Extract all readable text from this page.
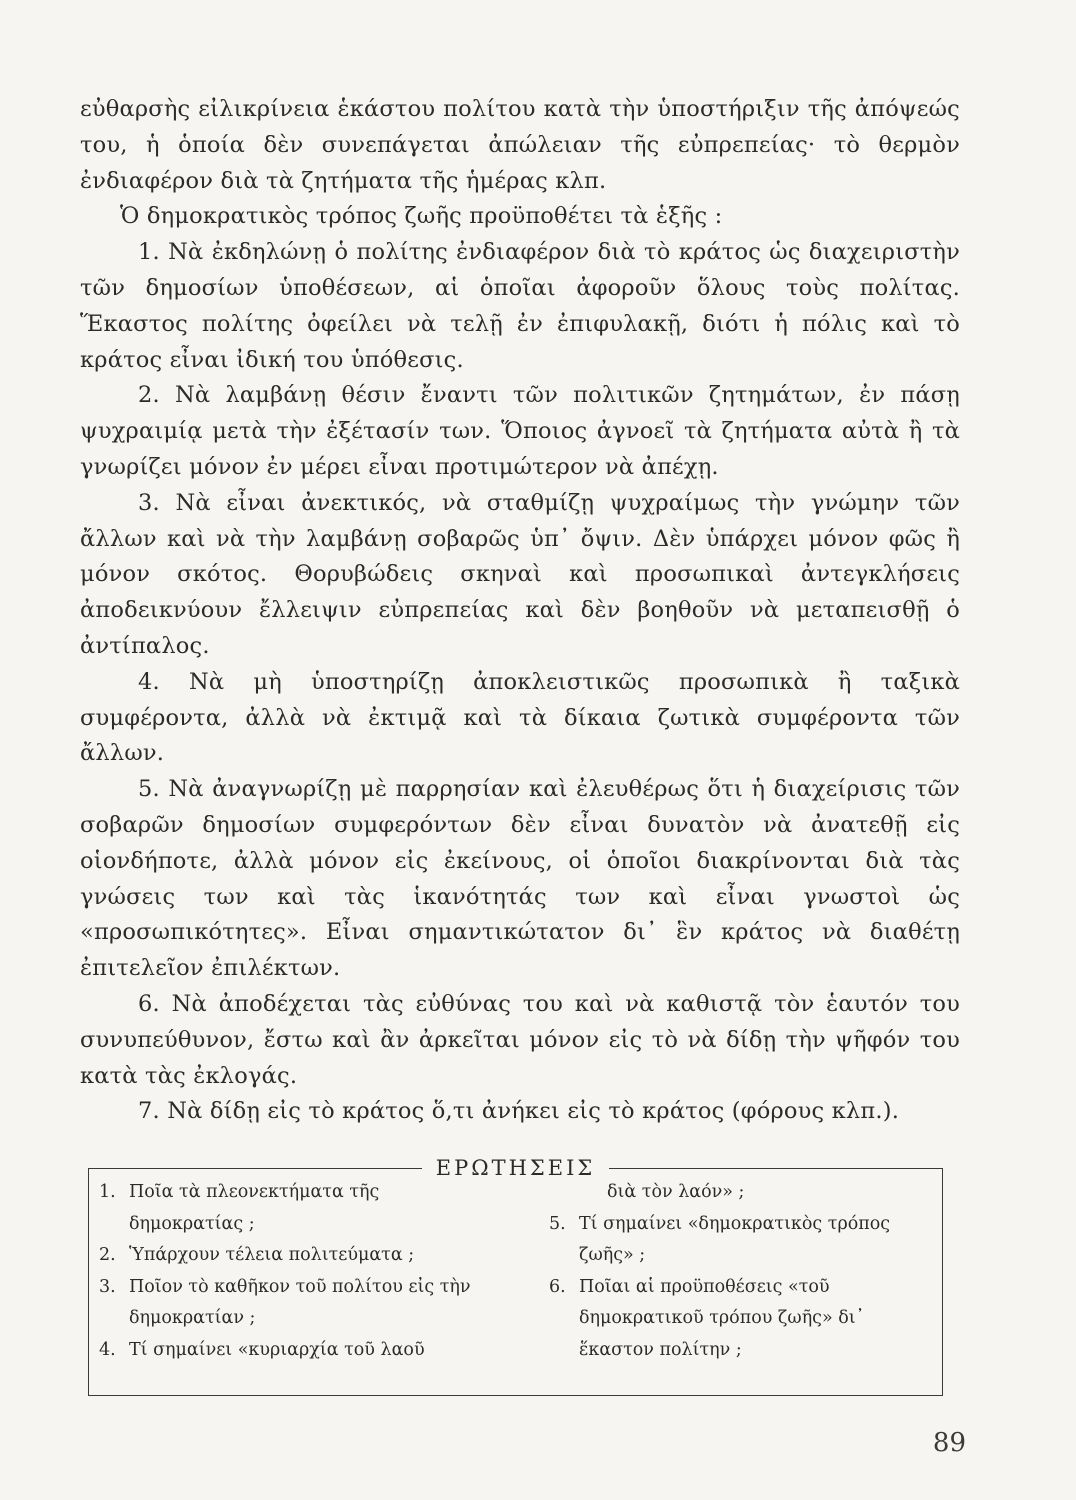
εὐθαρσὴς εἰλικρίνεια ἑκάστου πολίτου κατὰ τὴν ὑποστήριξιν τῆς ἀπόψεώς του, ἡ ὁποία δὲν συνεπάγεται ἀπώλειαν τῆς εὐπρεπείας· τὸ θερμὸν ἐνδιαφέρον διὰ τὰ ζητήματα τῆς ἡμέρας κλπ.

Ὁ δημοκρατικὸς τρόπος ζωῆς προϋποθέτει τὰ ἑξῆς :

1. Νὰ ἐκδηλώνῃ ὁ πολίτης ἐνδιαφέρον διὰ τὸ κράτος ὡς διαχειριστὴν τῶν δημοσίων ὑποθέσεων, αἱ ὁποῖαι ἀφοροῦν ὅλους τοὺς πολίτας. Ἕκαστος πολίτης ὀφείλει νὰ τελῇ ἐν ἐπιφυλακῇ, διότι ἡ πόλις καὶ τὸ κράτος εἶναι ἰδική του ὑπόθεσις.

2. Νὰ λαμβάνῃ θέσιν ἔναντι τῶν πολιτικῶν ζητημάτων, ἐν πάσῃ ψυχραιμίᾳ μετὰ τὴν ἐξέτασίν των. Ὅποιος ἀγνοεῖ τὰ ζητήματα αὐτὰ ἢ τὰ γνωρίζει μόνον ἐν μέρει εἶναι προτιμώτερον νὰ ἀπέχῃ.

3. Νὰ εἶναι ἀνεκτικός, νὰ σταθμίζῃ ψυχραίμως τὴν γνώμην τῶν ἄλλων καὶ νὰ τὴν λαμβάνῃ σοβαρῶς ὑπ᾽ ὄψιν. Δὲν ὑπάρχει μόνον φῶς ἢ μόνον σκότος. Θορυβώδεις σκηναὶ καὶ προσωπικαὶ ἀντεγκλήσεις ἀποδεικνύουν ἔλλειψιν εὐπρεπείας καὶ δὲν βοηθοῦν νὰ μεταπεισθῇ ὁ ἀντίπαλος.

4. Νὰ μὴ ὑποστηρίζῃ ἀποκλειστικῶς προσωπικὰ ἢ ταξικὰ συμφέροντα, ἀλλὰ νὰ ἐκτιμᾷ καὶ τὰ δίκαια ζωτικὰ συμφέροντα τῶν ἄλλων.

5. Νὰ ἀναγνωρίζῃ μὲ παρρησίαν καὶ ἐλευθέρως ὅτι ἡ διαχείρισις τῶν σοβαρῶν δημοσίων συμφερόντων δὲν εἶναι δυνατὸν νὰ ἀνατεθῇ εἰς οἱονδήποτε, ἀλλὰ μόνον εἰς ἐκείνους, οἱ ὁποῖοι διακρίνονται διὰ τὰς γνώσεις των καὶ τὰς ἱκανότητάς των καὶ εἶναι γνωστοὶ ὡς «προσωπικότητες». Εἶναι σημαντικώτατον δι᾽ ἓν κράτος νὰ διαθέτῃ ἐπιτελεῖον ἐπιλέκτων.

6. Νὰ ἀποδέχεται τὰς εὐθύνας του καὶ νὰ καθιστᾷ τὸν ἑαυτόν του συνυπεύθυνον, ἔστω καὶ ἂν ἀρκεῖται μόνον εἰς τὸ νὰ δίδῃ τὴν ψῆφόν του κατὰ τὰς ἐκλογάς.

7. Νὰ δίδῃ εἰς τὸ κράτος ὅ,τι ἀνήκει εἰς τὸ κράτος (φόρους κλπ.).

ΕΡΩΤΗΣΕΙΣ
1. Ποῖα τὰ πλεονεκτήματα τῆς δημοκρατίας ;
2. Ὑπάρχουν τέλεια πολιτεύματα ;
3. Ποῖον τὸ καθῆκον τοῦ πολίτου εἰς τὴν δημοκρατίαν ;
4. Τί σημαίνει «κυριαρχία τοῦ λαοῦ
διὰ τὸν λαόν» ;
5. Τί σημαίνει «δημοκρατικὸς τρόπος ζωῆς» ;
6. Ποῖαι αἱ προϋποθέσεις «τοῦ δημοκρατικοῦ τρόπου ζωῆς» δι᾽ ἕκαστον πολίτην ;
89
